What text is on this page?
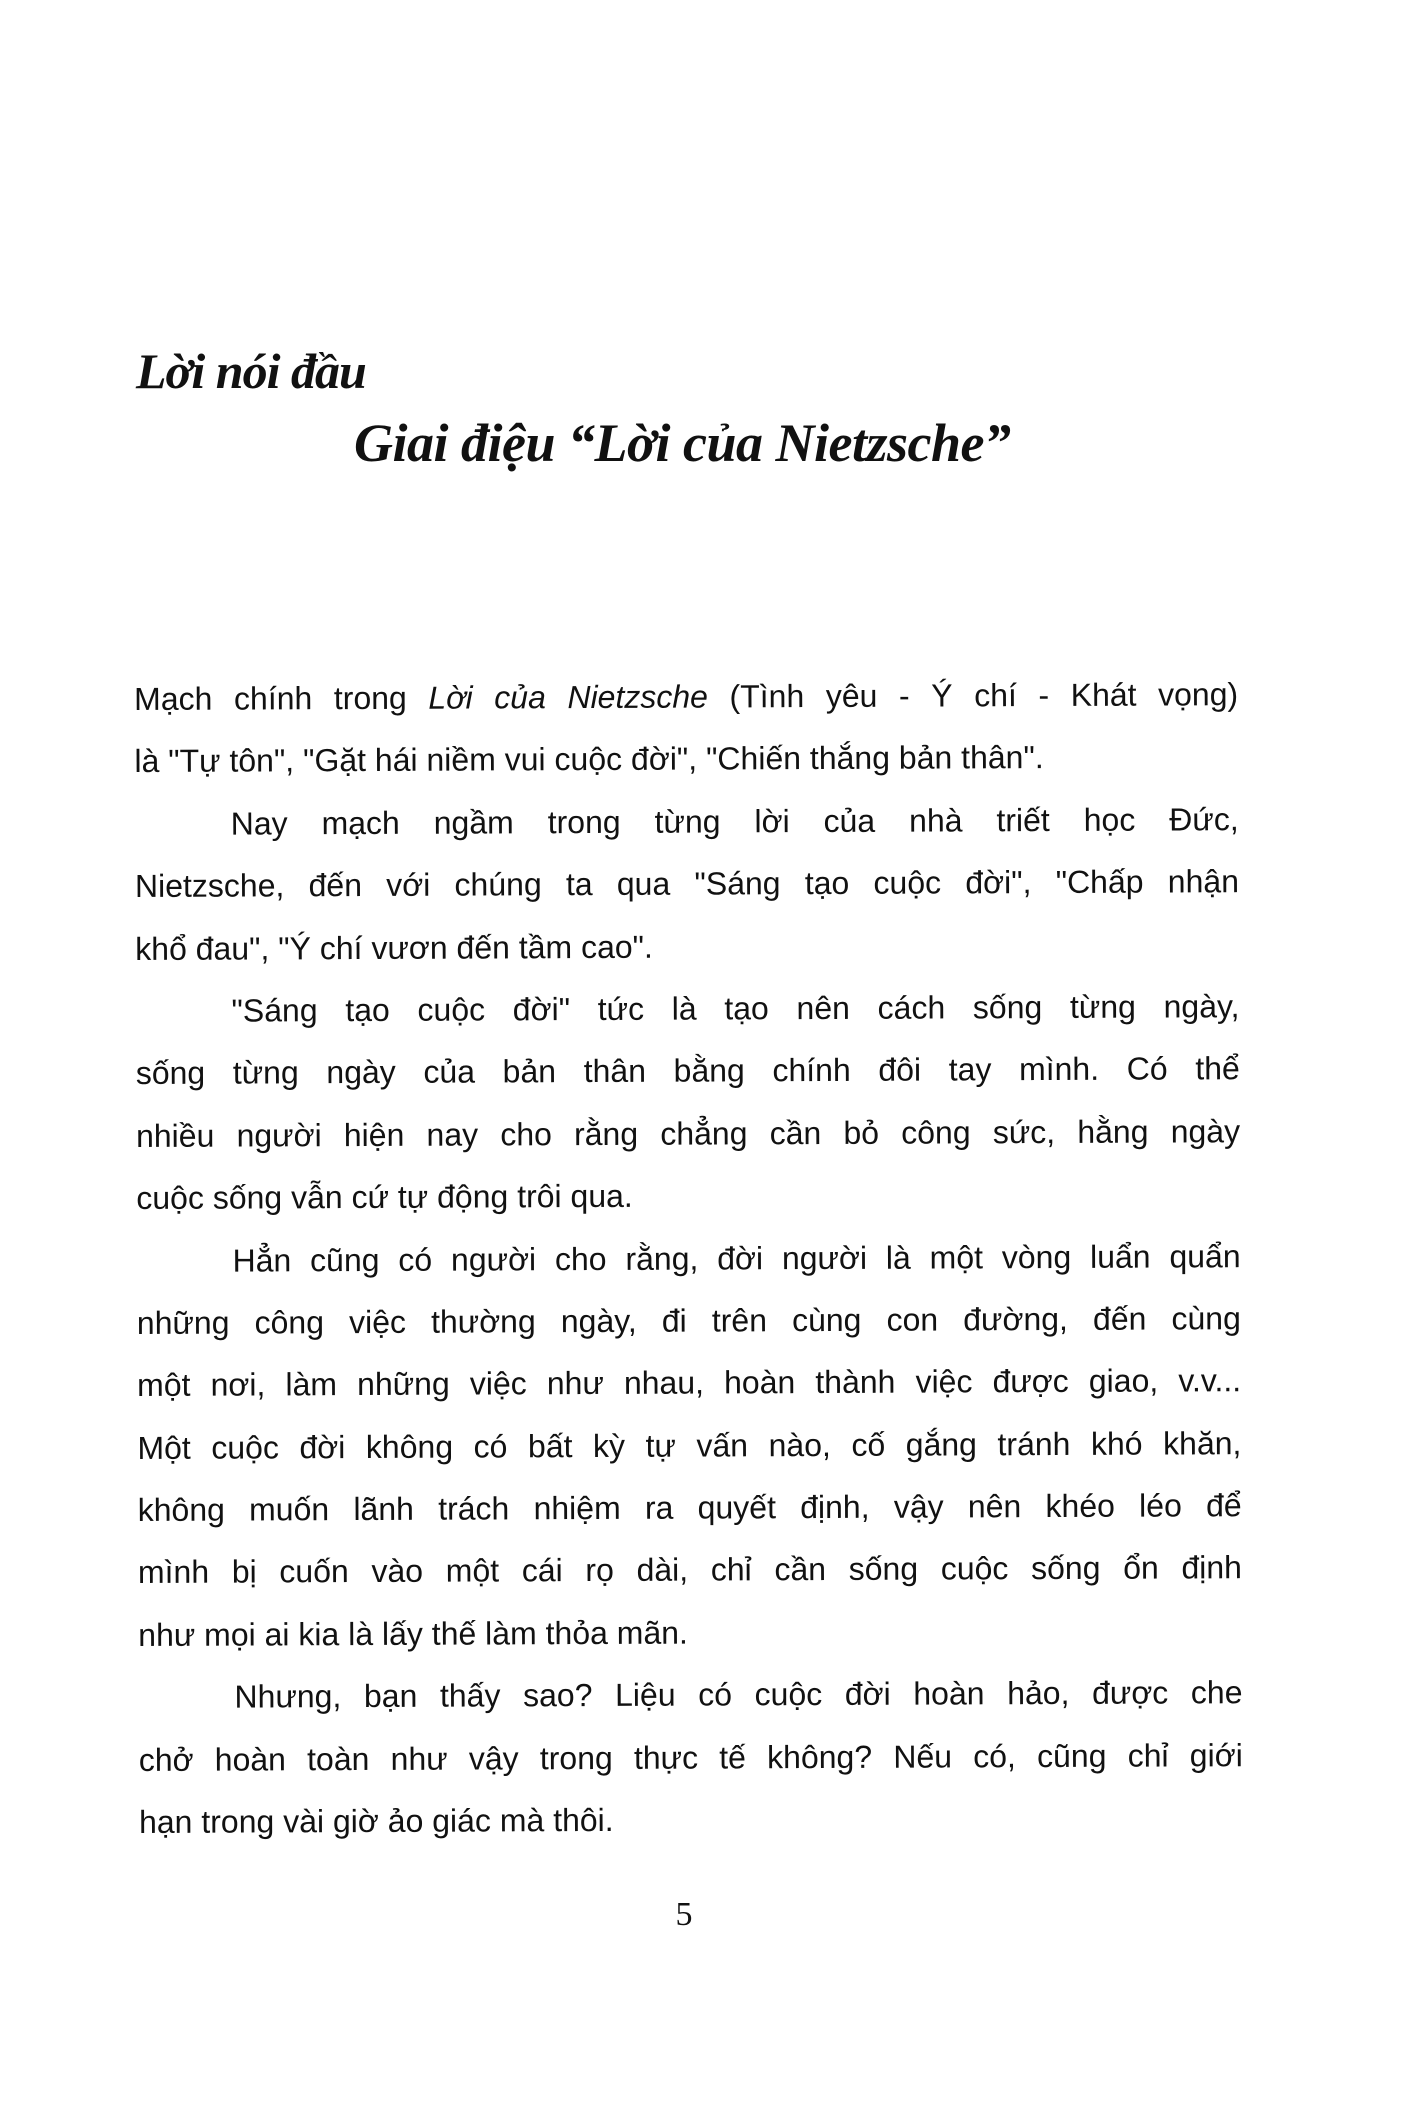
Lời nói đầu
Giai điệu “Lời của Nietzsche”
Mạch chính trong Lời của Nietzsche (Tình yêu - Ý chí - Khát vọng)
là "Tự tôn", "Gặt hái niềm vui cuộc đời", "Chiến thắng bản thân".
Nay mạch ngầm trong từng lời của nhà triết học Đức,
Nietzsche, đến với chúng ta qua "Sáng tạo cuộc đời", "Chấp nhận
khổ đau", "Ý chí vươn đến tầm cao".
"Sáng tạo cuộc đời" tức là tạo nên cách sống từng ngày,
sống từng ngày của bản thân bằng chính đôi tay mình. Có thể
nhiều người hiện nay cho rằng chẳng cần bỏ công sức, hằng ngày
cuộc sống vẫn cứ tự động trôi qua.
Hẳn cũng có người cho rằng, đời người là một vòng luẩn quẩn
những công việc thường ngày, đi trên cùng con đường, đến cùng
một nơi, làm những việc như nhau, hoàn thành việc được giao, v.v...
Một cuộc đời không có bất kỳ tự vấn nào, cố gắng tránh khó khăn,
không muốn lãnh trách nhiệm ra quyết định, vậy nên khéo léo để
mình bị cuốn vào một cái rọ dài, chỉ cần sống cuộc sống ổn định
như mọi ai kia là lấy thế làm thỏa mãn.
Nhưng, bạn thấy sao? Liệu có cuộc đời hoàn hảo, được che
chở hoàn toàn như vậy trong thực tế không? Nếu có, cũng chỉ giới
hạn trong vài giờ ảo giác mà thôi.
5
